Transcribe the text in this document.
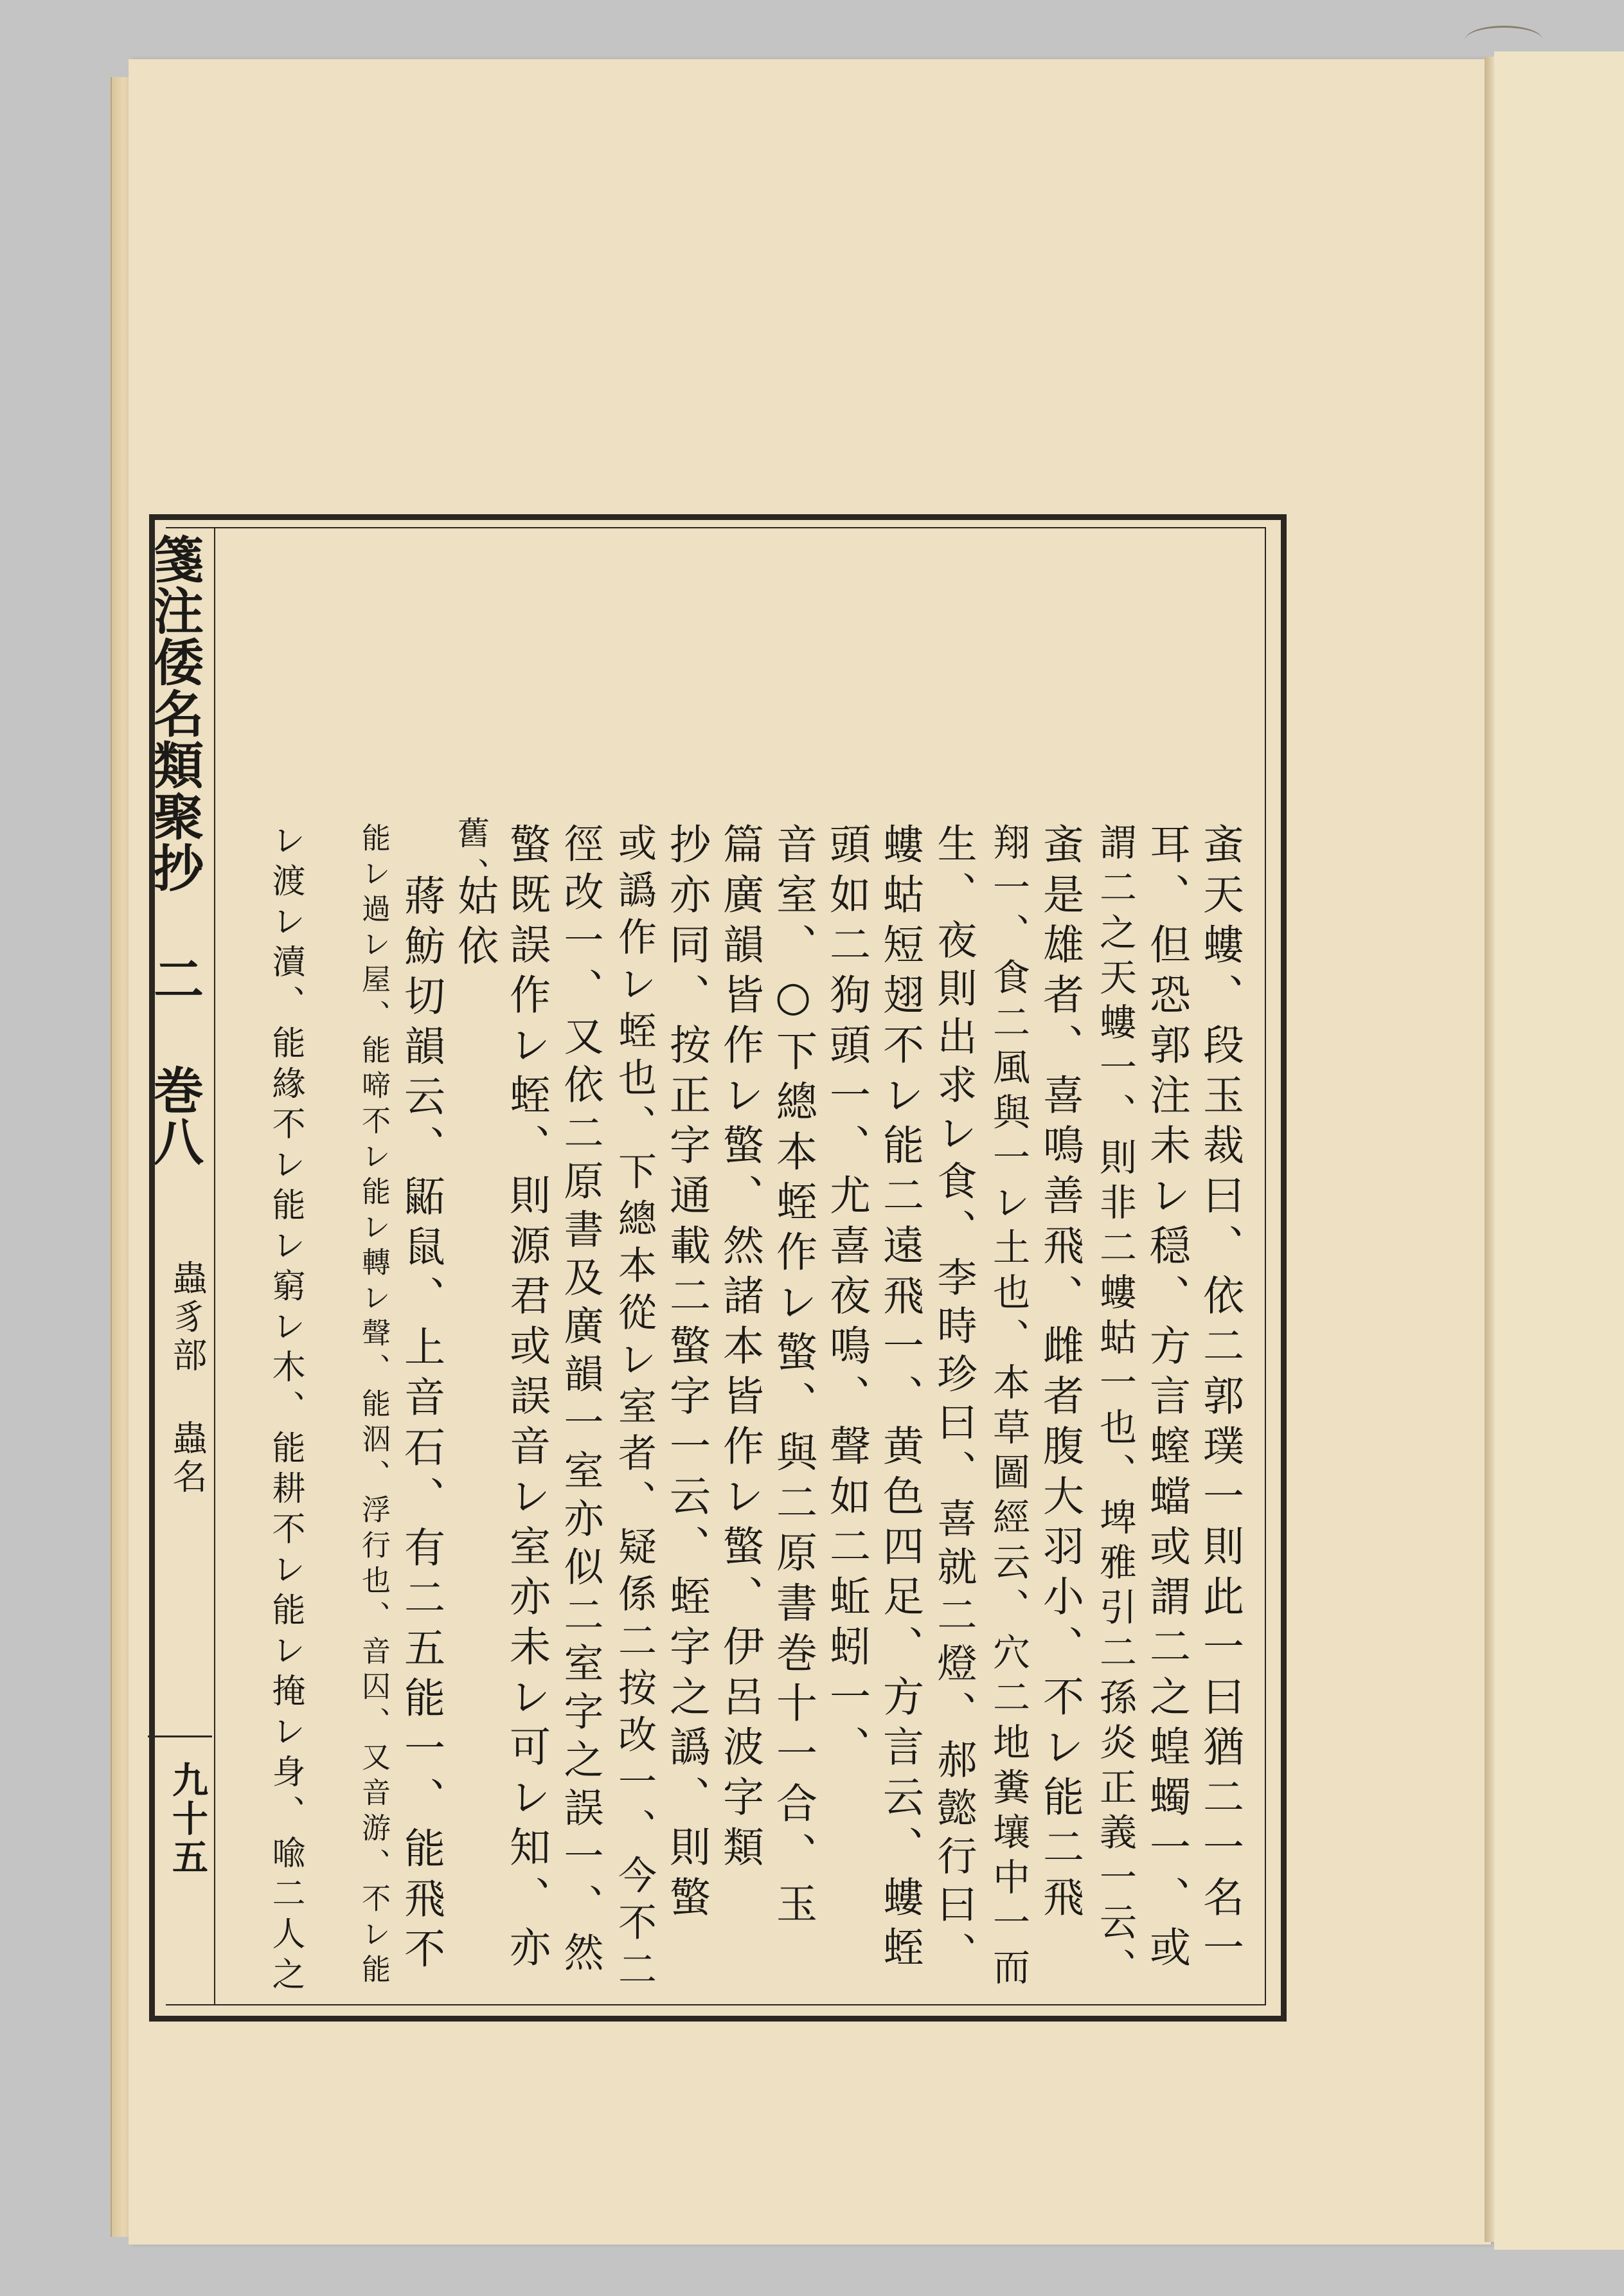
箋注倭名類聚抄 二 巻八
蟲豸部 蟲名
九十五	蚉天螻、段玉裁曰、依二郭璞一則此一曰猶二一名一
耳、但恐郭注未レ穏、方言螲蟷或謂二之蝗蠋一、或
謂二之天螻一、則非二螻蛄一也、埤雅引二孫炎正義一云、
蚉是雄者、喜鳴善飛、雌者腹大羽小、不レ能二飛
翔一、食二風與一レ土也、本草圖經云、穴二地糞壤中一而
生、夜則出求レ食、李時珍曰、喜就二燈、郝懿行曰、
螻蛄短翅不レ能二遠飛一、黄色四足、方言云、螻蛭
頭如二狗頭一、尤喜夜鳴、聲如二蚯蚓一、
音室、○下總本蛭作レ蟼、與二原書巻十一合、玉
篇廣韻皆作レ蟼、然諸本皆作レ蟼、伊呂波字類
抄亦同、按正字通載二蟼字一云、蛭字之譌、則蟼
或譌作レ蛭也、下總本從レ室者、疑係二按改一、今不二
徑改一、又依二原書及廣韻一室亦似二室字之誤一、然
蟼既誤作レ蛭、則源君或誤音レ室亦未レ可レ知、亦
姑依
舊、
蔣魴切韻云、鼫鼠、上音石、有二五能一、能飛不
能レ過レ屋、能啼不レ能レ轉レ聲、能泅、浮行也、音囚、又音游、不レ能
レ渡レ瀆、能緣不レ能レ窮レ木、能耕不レ能レ掩レ身、喩二人之
